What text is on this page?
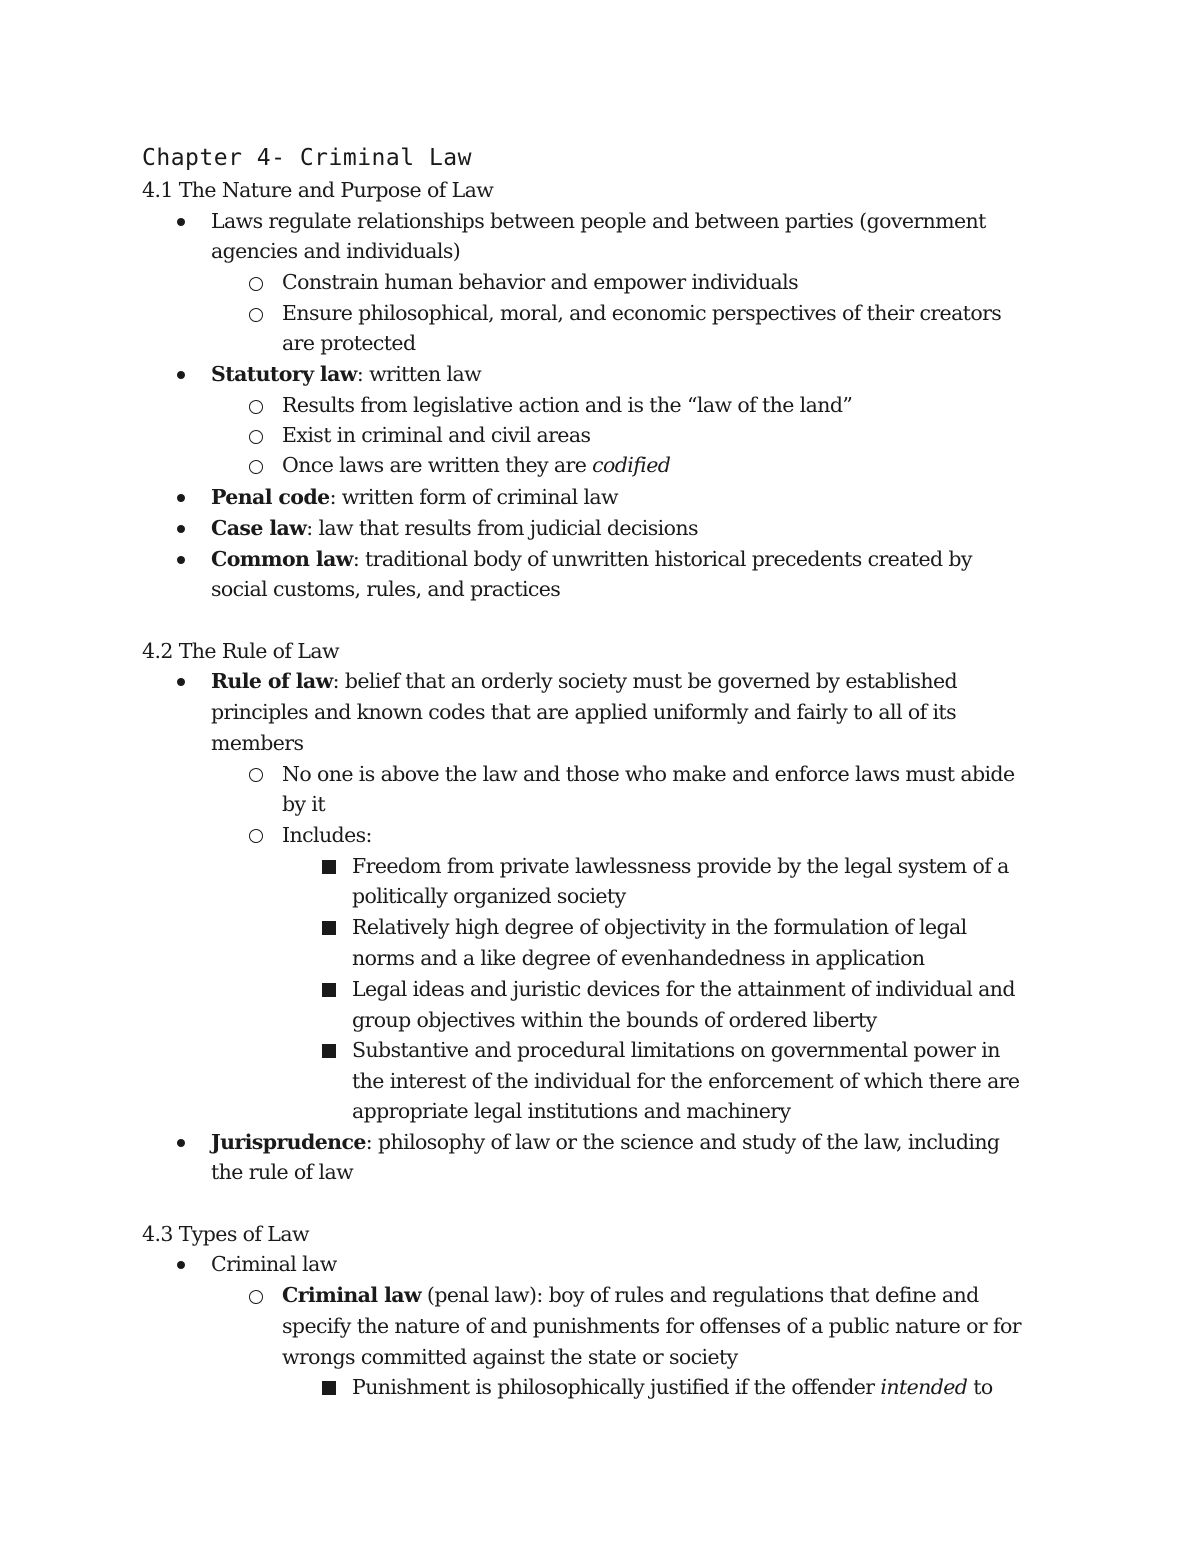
Chapter 4- Criminal Law
4.1 The Nature and Purpose of Law
Laws regulate relationships between people and between parties (government
agencies and individuals)
Constrain human behavior and empower individuals
Ensure philosophical, moral, and economic perspectives of their creators
are protected
Statutory law: written law
Results from legislative action and is the “law of the land”
Exist in criminal and civil areas
Once laws are written they are codified
Penal code: written form of criminal law
Case law: law that results from judicial decisions
Common law: traditional body of unwritten historical precedents created by
social customs, rules, and practices
4.2 The Rule of Law
Rule of law: belief that an orderly society must be governed by established
principles and known codes that are applied uniformly and fairly to all of its
members
No one is above the law and those who make and enforce laws must abide
by it
Includes:
Freedom from private lawlessness provide by the legal system of a
politically organized society
Relatively high degree of objectivity in the formulation of legal
norms and a like degree of evenhandedness in application
Legal ideas and juristic devices for the attainment of individual and
group objectives within the bounds of ordered liberty
Substantive and procedural limitations on governmental power in
the interest of the individual for the enforcement of which there are
appropriate legal institutions and machinery
Jurisprudence: philosophy of law or the science and study of the law, including
the rule of law
4.3 Types of Law
Criminal law
Criminal law (penal law): boy of rules and regulations that define and
specify the nature of and punishments for offenses of a public nature or for
wrongs committed against the state or society
Punishment is philosophically justified if the offender intended to
